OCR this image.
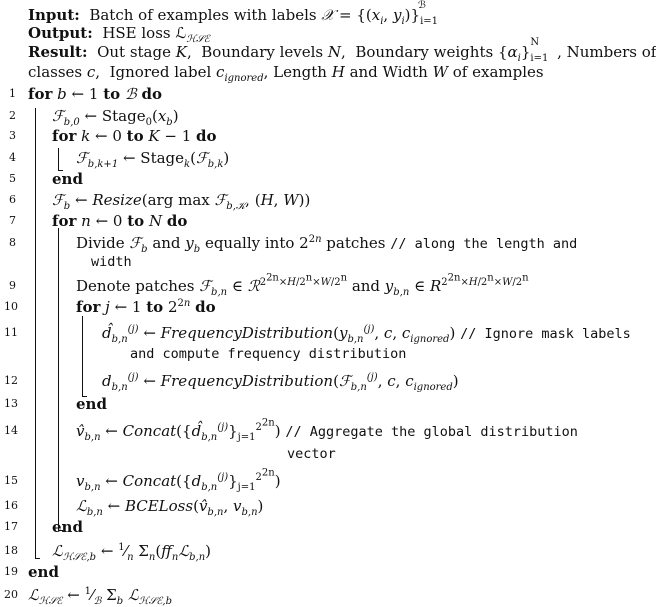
Input:  Batch of examples with labels 𝒳 = {($x_i$, $y_i)\}_{i=1}^ℬ$
Output:  HSE loss ℒ$_{ℋ𝒮ℰ}$
Result:  Out stage K,  Boundary levels N,  Boundary weights $\{\alpha_i\}_{i=1}^N$, Numbers of
classes c,  Ignored label $c_{ignored}$, Length H and Width W of examples
1 for b ← 1 to ℬ do
2 ℱ$_{b,0}$ ← $Stage_0(x_b)$
3 for k ← 0 to K − 1 do
4	ℱ$_{b,k+1}$ ← Stage$_k$(ℱ$_{b,k}$)
5 end
6 ℱ$_b$ ← Resize(arg max ℱ$_{b,𝒦}$, (H, W))
7 for n ← 0 to N do
8	Divide ℱ$_b$ and $y_b$ equally into $2^{2n}$ patches // along the length and
width
9	Denote patches ℱ$_{b,n}$ ∈ ℛ$^{2^{2n}\times H/2^n\times W/2^n}$ and $y_{b,n}$ ∈ $R^{2^{2n}\times H/2^n\times W/2^n}$
10	for j ← 1 to $2^{2n}$ do
11	$d̂_{b,n}^{(j)}$ ← $FrequencyDistribution(y_{b,n}^{(j)}$, c, $c_{ignored}$) // Ignore mask labels
and compute frequency distribution
12	$d_{b,n}^{(j)}$ ← FrequencyDistribution(ℱ$_{b,n}^{(j)}$, c, $c_{ignored}$)
13	end
14	$v̂_{b,n}$ ← $Concat(\{d̂_{b,n}^{(j)}\}_{j=1}^{2^{2n}})$ // Aggregate the global distribution
vector
15	$v_{b,n}$ ← $Concat(\{d_{b,n}^{(j)}\}_{j=1}^{2^{2n}})$
16	ℒ$_{b,n}$ ← $BCELoss(v̂_{b,n}$, $v_{b,n}$)
17 end
18 ℒ$_{ℋ𝒮ℰ,b}$ ← $^1⁄_n$ $\Sigma_n(ff_nℒ_{b,n})$
19 end
20 ℒ$_{ℋ𝒮ℰ}$ ← $^1⁄_ℬ$ $\Sigma_b$ ℒ$_{ℋ𝒮ℰ,b}$
